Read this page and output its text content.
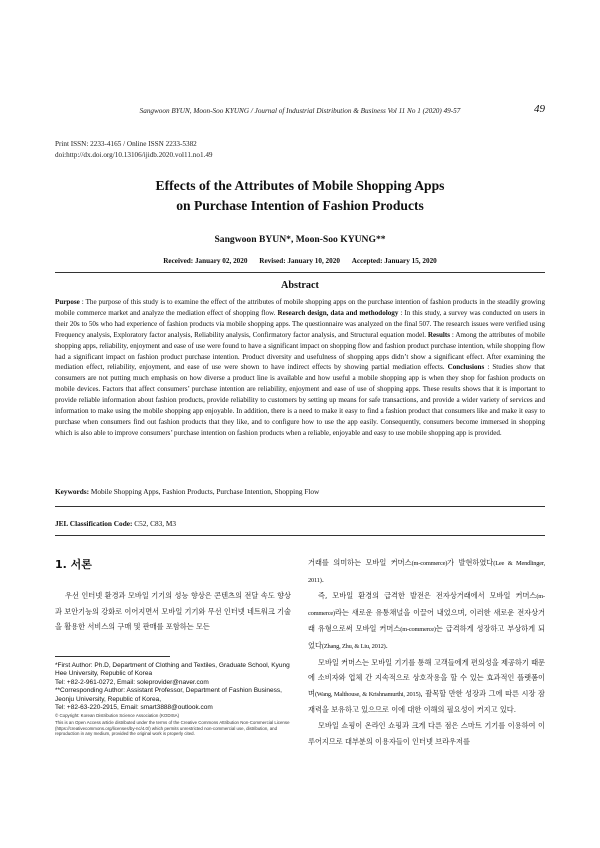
Sangwoon BYUN, Moon-Soo KYUNG / Journal of Industrial Distribution & Business Vol 11 No 1 (2020) 49-57	49
Print ISSN: 2233-4165 / Online ISSN 2233-5382
doi:http://dx.doi.org/10.13106/ijidb.2020.vol11.no1.49
Effects of the Attributes of Mobile Shopping Apps
on Purchase Intention of Fashion Products
Sangwoon BYUN*, Moon-Soo KYUNG**
Received: January 02, 2020 Revised: January 10, 2020 Accepted: January 15, 2020
Abstract
Purpose : The purpose of this study is to examine the effect of the attributes of mobile shopping apps on the purchase intention of fashion products in the steadily growing mobile commerce market and analyze the mediation effect of shopping flow. Research design, data and methodology : In this study, a survey was conducted on users in their 20s to 50s who had experience of fashion products via mobile shopping apps. The questionnaire was analyzed on the final 507. The research issues were verified using Frequency analysis, Exploratory factor analysis, Reliability analysis, Confirmatory factor analysis, and Structural equation model. Results : Among the attributes of mobile shopping apps, reliability, enjoyment and ease of use were found to have a significant impact on shopping flow and fashion product purchase intention, while shopping flow had a significant impact on fashion product purchase intention. Product diversity and usefulness of shopping apps didn’t show a significant effect. After examining the mediation effect, reliability, enjoyment, and ease of use were shown to have indirect effects by showing partial mediation effects. Conclusions : Studies show that consumers are not putting much emphasis on how diverse a product line is available and how useful a mobile shopping app is when they shop for fashion products on mobile devices. Factors that affect consumers’ purchase intention are reliability, enjoyment and ease of use of shopping apps. These results shows that it is important to provide reliable information about fashion products, provide reliability to customers by setting up means for safe transactions, and provide a wider variety of services and information to make using the mobile shopping app enjoyable. In addition, there is a need to make it easy to find a fashion product that consumers like and make it easy to purchase when consumers find out fashion products that they like, and to configure how to use the app easily. Consequently, consumers become immersed in shopping which is also able to improve consumers’ purchase intention on fashion products when a reliable, enjoyable and easy to use mobile shopping app is provided.
Keywords: Mobile Shopping Apps, Fashion Products, Purchase Intention, Shopping Flow
JEL Classification Code: C52, C83, M3
1. 서론

우선 인터넷 환경과 모바일 기기의 성능 향상은 콘텐츠의 전달 속도 향상과 보안기능의 강화로 이어지면서 모바일 기기와 무선 인터넷 네트워크 기술을 활용한 서비스의 구매 및 판매를 포함하는 모든

거래를 의미하는 모바일 커머스(m-commerce)가 발현하였다(Lee & Mendlinger, 2011).

즉, 모바일 환경의 급격한 발전은 전자상거래에서 모바일 커머스(m-commerce)라는 새로운 유통채널을 이끌어 내었으며, 이러한 새로운 전자상거래 유형으로써 모바일 커머스(m-commerce)는 급격하게 성장하고 부상하게 되었다(Zhang, Zhu, & Liu, 2012).

모바일 커머스는 모바일 기기를 통해 고객들에게 편의성을 제공하기 때문에 소비자와 업체 간 지속적으로 상호작용을 할 수 있는 효과적인 플랫폼이며(Wang, Malthouse, & Krishnamurthi, 2015), 괄목할 만한 성장과 그에 따른 시장 잠재력을 보유하고 있으므로 이에 대한 이해의 필요성이 커지고 있다.

모바일 쇼핑이 온라인 쇼핑과 크게 다른 점은 스마트 기기를 이용하여 이루어지므로 대부분의 이용자들이 인터넷 브라우저를

*First Author: Ph.D, Department of Clothing and Textiles, Graduate School, Kyung Hee University, Republic of Korea
Tel: +82-2-961-0272, Email: soleprovider@naver.com
**Corresponding Author: Assistant Professor, Department of Fashion Business, Jeonju University, Republic of Korea,
Tel: +82-63-220-2915, Email: smart3888@outlook.com
© Copyright: Korean Distribution Science Association (KODISA)
This is an Open Access article distributed under the terms of the Creative Commons Attribution Non-Commercial License (https://creativecommons.org/licenses/by-nc/4.0/) which permits unrestricted non-commercial use, distribution, and reproduction in any medium, provided the original work is properly cited.
